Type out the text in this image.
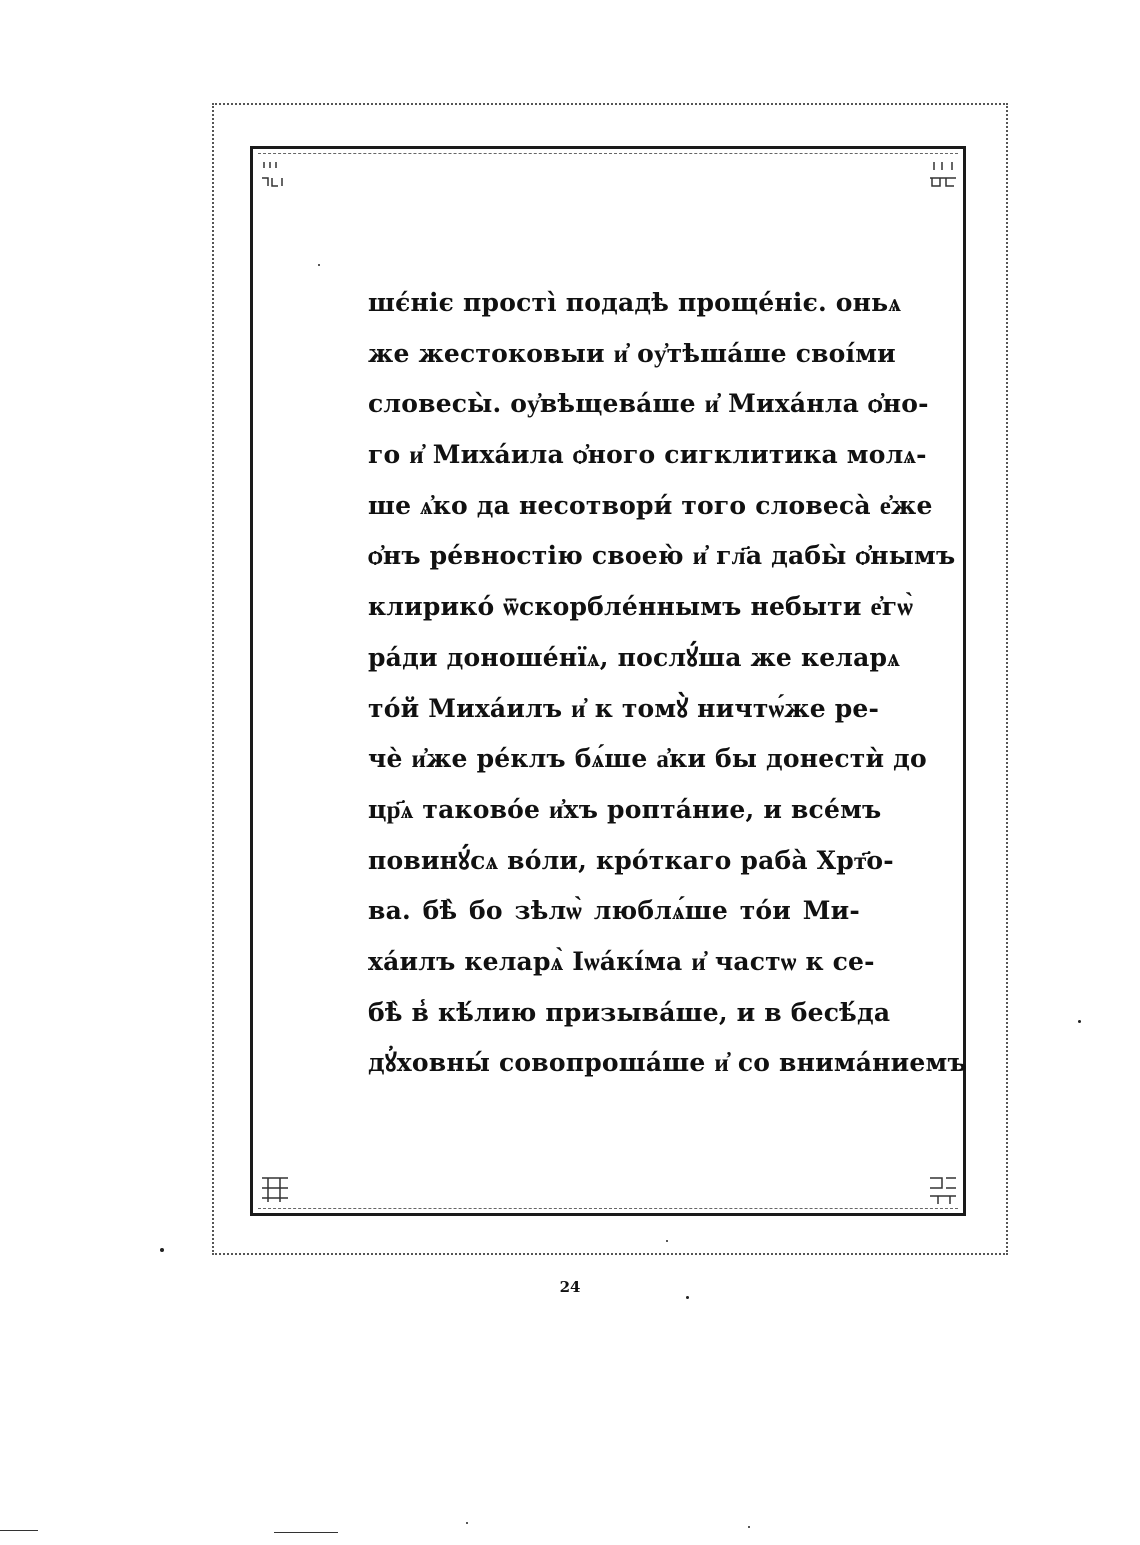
шє́ніє прості̀ подадѣ проще́ніє. оньѧ
же жестоковыи и҆ оу҆тѣша́ше своі́ми
словесы̀. оу҆вѣщева́ше и҆ Миха́нла ѻ҆но-
го и҆ Миха́ила ѻ҆ного сигклитика молѧ-
ше ѧ҆ко да несотвори́ того словеса̀ е҆же
ѻ҆нъ ре́вностію своею̀ и҆ гл҃а дабы̀ ѻ҆нымъ
клирико́ ѿскорбле́ннымъ небыти е҆гѡ̀
ра́ди доноше́нїѧ, послꙋ́ша же келарѧ
то́й Миха́илъ и҆ к томꙋ̀ ничтѡ́же ре-
чѐ и҆же ре́клъ бѧ́ше а҆ки бы донестѝ до
цр҃ѧ таково́е и҆хъ ропта́ние, и все́мъ
повинꙋ́сѧ во́ли, кро́ткаго раба̀ Хрт҃о-
ва. бѣ̀ бо зѣлѡ̀ люблѧ́ше то́и Ми-
ха́илъ келарѧ̀ Іѡа́кі́ма и҆ частѡ к се-
бѣ̀ в̾ кѣ́лию призыва́ше, и в бесѣ́да
дꙋ҆ховны́ совопроша́ше и҆ со внима́ниемъ
24
